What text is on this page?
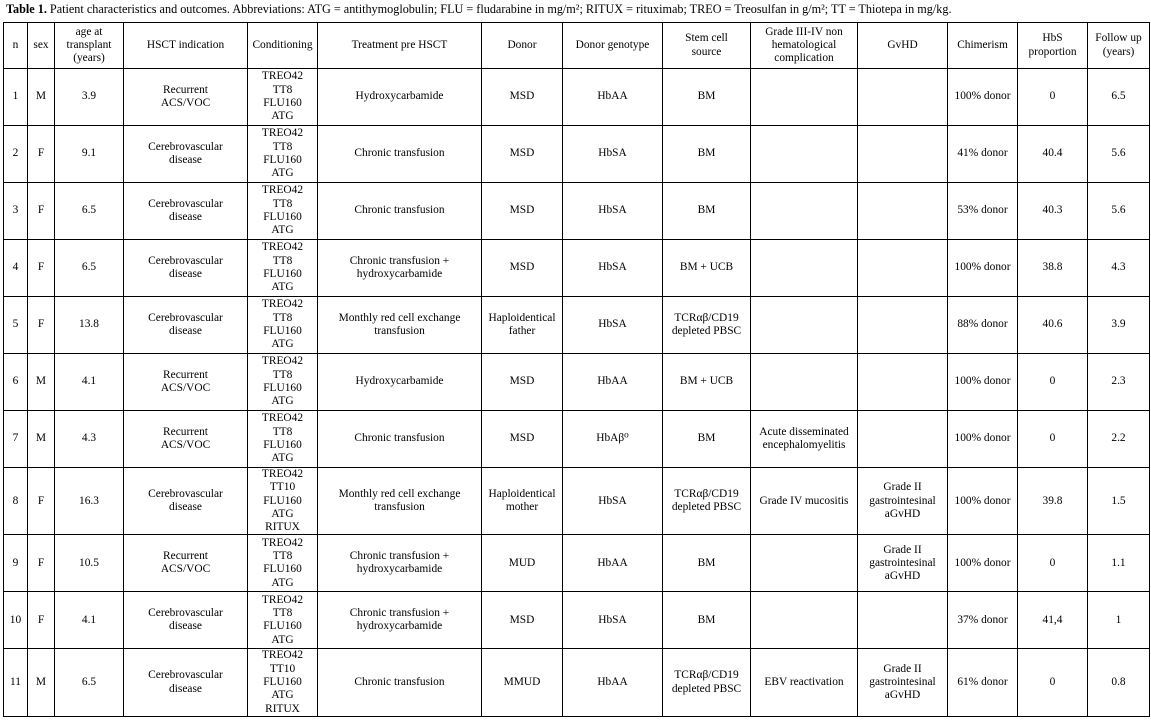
Table 1. Patient characteristics and outcomes. Abbreviations: ATG = antithymoglobulin; FLU = fludarabine in mg/m²; RITUX = rituximab; TREO = Treosulfan in g/m²; TT = Thiotepa in mg/kg.
n	sex	age at
transplant
(years)	HSCT indication	Conditioning	Treatment pre HSCT	Donor	Donor genotype	Stem cell
source	Grade III-IV non
hematological
complication	GvHD	Chimerism	HbS
proportion	Follow up
(years)
1	M	3.9	Recurrent
ACS/VOC	TREO42
TT8
FLU160
ATG	Hydroxycarbamide	MSD	HbAA	BM			100% donor	0	6.5
2	F	9.1	Cerebrovascular
disease	TREO42
TT8
FLU160
ATG	Chronic transfusion	MSD	HbSA	BM			41% donor	40.4	5.6
3	F	6.5	Cerebrovascular
disease	TREO42
TT8
FLU160
ATG	Chronic transfusion	MSD	HbSA	BM			53% donor	40.3	5.6
4	F	6.5	Cerebrovascular
disease	TREO42
TT8
FLU160
ATG	Chronic transfusion +
hydroxycarbamide	MSD	HbSA	BM + UCB			100% donor	38.8	4.3
5	F	13.8	Cerebrovascular
disease	TREO42
TT8
FLU160
ATG	Monthly red cell exchange
transfusion	Haploidentical
father	HbSA	TCRαβ/CD19
depleted PBSC			88% donor	40.6	3.9
6	M	4.1	Recurrent
ACS/VOC	TREO42
TT8
FLU160
ATG	Hydroxycarbamide	MSD	HbAA	BM + UCB			100% donor	0	2.3
7	M	4.3	Recurrent
ACS/VOC	TREO42
TT8
FLU160
ATG	Chronic transfusion	MSD	HbAβ⁰	BM	Acute disseminated
encephalomyelitis		100% donor	0	2.2
8	F	16.3	Cerebrovascular
disease	TREO42
TT10
FLU160
ATG
RITUX	Monthly red cell exchange
transfusion	Haploidentical
mother	HbSA	TCRαβ/CD19
depleted PBSC	Grade IV mucositis	Grade II
gastrointesinal
aGvHD	100% donor	39.8	1.5
9	F	10.5	Recurrent
ACS/VOC	TREO42
TT8
FLU160
ATG	Chronic transfusion +
hydroxycarbamide	MUD	HbAA	BM		Grade II
gastrointesinal
aGvHD	100% donor	0	1.1
10	F	4.1	Cerebrovascular
disease	TREO42
TT8
FLU160
ATG	Chronic transfusion +
hydroxycarbamide	MSD	HbSA	BM			37% donor	41,4	1
11	M	6.5	Cerebrovascular
disease	TREO42
TT10
FLU160
ATG
RITUX	Chronic transfusion	MMUD	HbAA	TCRαβ/CD19
depleted PBSC	EBV reactivation	Grade II
gastrointesinal
aGvHD	61% donor	0	0.8
